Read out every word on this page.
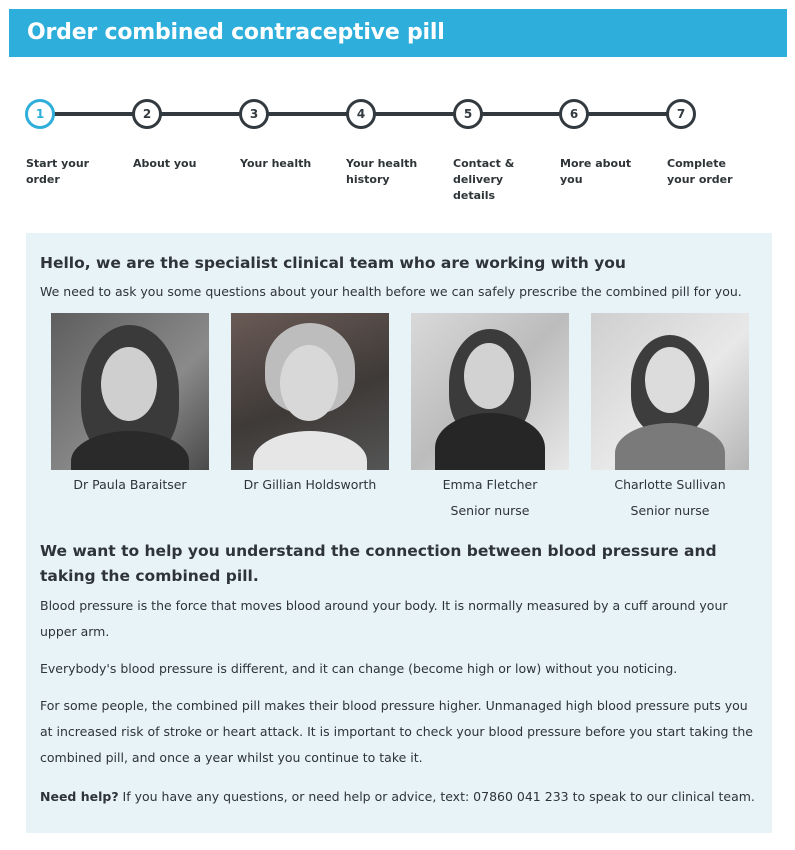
Order combined contraceptive pill
1	2	3	4	5	6	7
Start your order
About you	Your health	Your health history
Contact & delivery details
More about you
Complete your order
Hello, we are the specialist clinical team who are working with you

We need to ask you some questions about your health before we can safely prescribe the combined pill for you.

Dr Paula Baraitser	Dr Gillian Holdsworth	Emma Fletcher
Senior nurse
Charlotte Sullivan
Senior nurse
We want to help you understand the connection between blood pressure and taking the combined pill.

Blood pressure is the force that moves blood around your body. It is normally measured by a cuff around your upper arm.

Everybody's blood pressure is different, and it can change (become high or low) without you noticing.

For some people, the combined pill makes their blood pressure higher. Unmanaged high blood pressure puts you at increased risk of stroke or heart attack. It is important to check your blood pressure before you start taking the combined pill, and once a year whilst you continue to take it.

Need help? If you have any questions, or need help or advice, text: 07860 041 233 to speak to our clinical team.
